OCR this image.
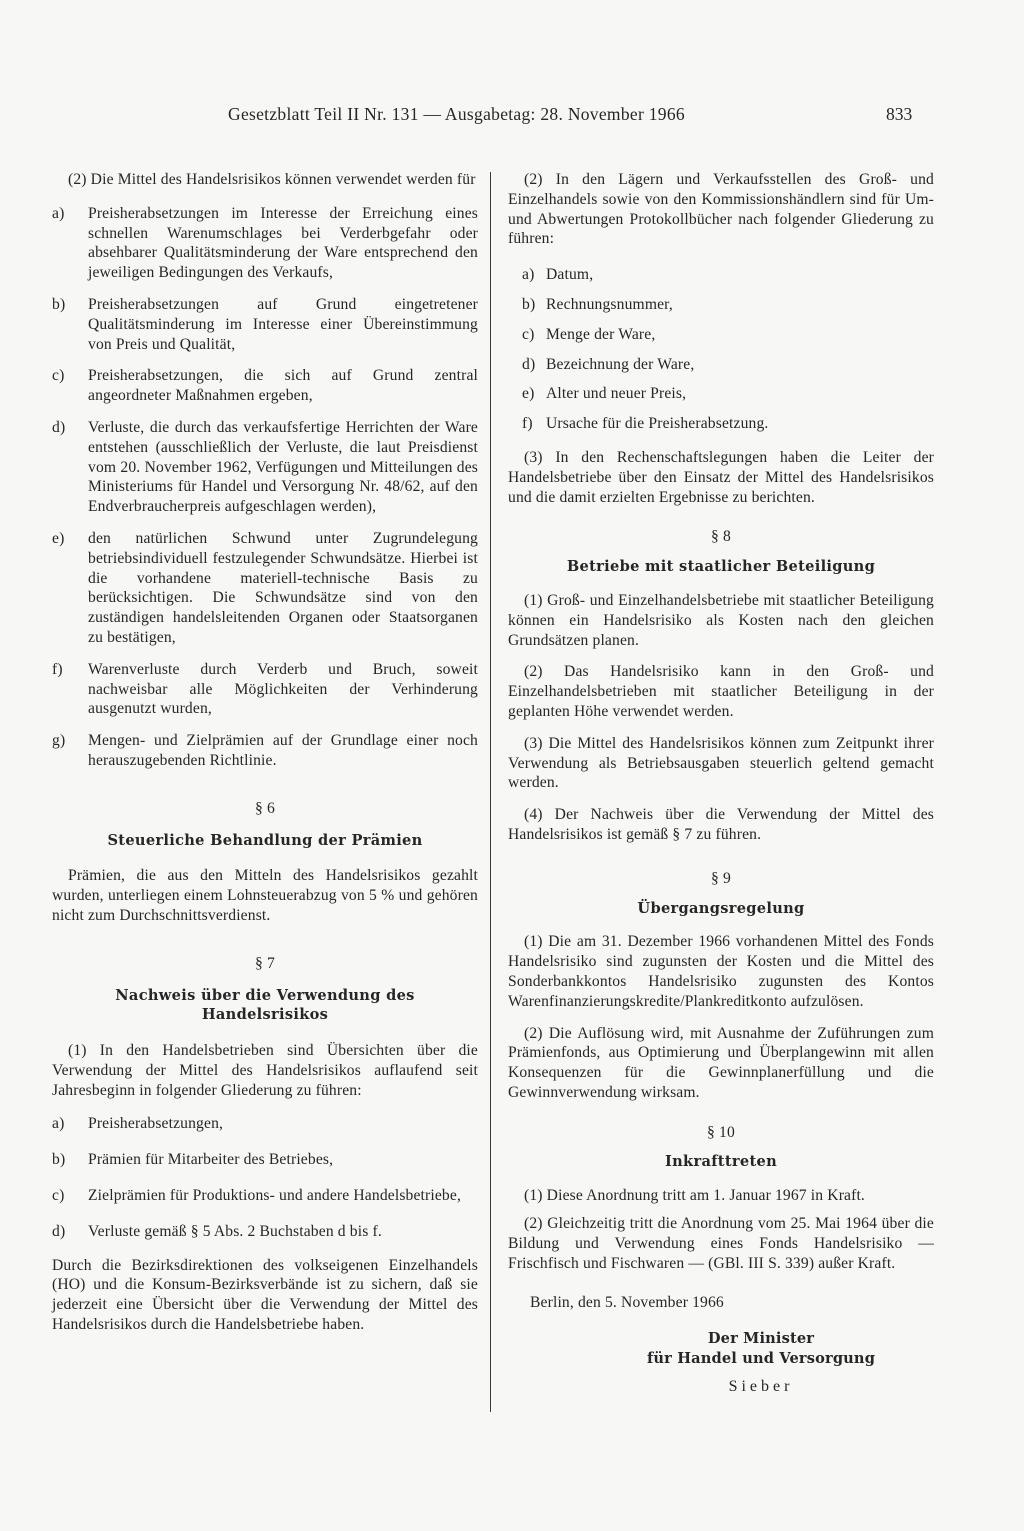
Gesetzblatt Teil II Nr. 131 — Ausgabetag: 28. November 1966	833

(2) Die Mittel des Handelsrisikos können verwendet werden für

a)	Preisherabsetzungen im Interesse der Erreichung eines schnellen Warenumschlages bei Verderbgefahr oder absehbarer Qualitätsminderung der Ware entsprechend den jeweiligen Bedingungen des Verkaufs,
b)	Preisherabsetzungen auf Grund eingetretener Qualitätsminderung im Interesse einer Übereinstimmung von Preis und Qualität,
c)	Preisherabsetzungen, die sich auf Grund zentral angeordneter Maßnahmen ergeben,
d)	Verluste, die durch das verkaufsfertige Herrichten der Ware entstehen (ausschließlich der Verluste, die laut Preisdienst vom 20. November 1962, Verfügungen und Mitteilungen des Ministeriums für Handel und Versorgung Nr. 48/62, auf den Endverbraucherpreis aufgeschlagen werden),
e)	den natürlichen Schwund unter Zugrundelegung betriebsindividuell festzulegender Schwundsätze. Hierbei ist die vorhandene materiell-technische Basis zu berücksichtigen. Die Schwundsätze sind von den zuständigen handelsleitenden Organen oder Staatsorganen zu bestätigen,
f)	Warenverluste durch Verderb und Bruch, soweit nachweisbar alle Möglichkeiten der Verhinderung ausgenutzt wurden,
g)	Mengen- und Zielprämien auf der Grundlage einer noch herauszugebenden Richtlinie.

§ 6

Steuerliche Behandlung der Prämien

Prämien, die aus den Mitteln des Handelsrisikos gezahlt wurden, unterliegen einem Lohnsteuerabzug von 5 % und gehören nicht zum Durchschnittsverdienst.

§ 7

Nachweis über die Verwendung des Handelsrisikos

(1) In den Handelsbetrieben sind Übersichten über die Verwendung der Mittel des Handelsrisikos auflaufend seit Jahresbeginn in folgender Gliederung zu führen:

a)	Preisherabsetzungen,
b)	Prämien für Mitarbeiter des Betriebes,
c)	Zielprämien für Produktions- und andere Handelsbetriebe,
d)	Verluste gemäß § 5 Abs. 2 Buchstaben d bis f.

Durch die Bezirksdirektionen des volkseigenen Einzelhandels (HO) und die Konsum-Bezirksverbände ist zu sichern, daß sie jederzeit eine Übersicht über die Verwendung der Mittel des Handelsrisikos durch die Handelsbetriebe haben.

(2) In den Lägern und Verkaufsstellen des Groß- und Einzelhandels sowie von den Kommissionshändlern sind für Um- und Abwertungen Protokollbücher nach folgender Gliederung zu führen:

a) Datum,
b) Rechnungsnummer,
c) Menge der Ware,
d) Bezeichnung der Ware,
e) Alter und neuer Preis,
f) Ursache für die Preisherabsetzung.

(3) In den Rechenschaftslegungen haben die Leiter der Handelsbetriebe über den Einsatz der Mittel des Handelsrisikos und die damit erzielten Ergebnisse zu berichten.

§ 8

Betriebe mit staatlicher Beteiligung

(1) Groß- und Einzelhandelsbetriebe mit staatlicher Beteiligung können ein Handelsrisiko als Kosten nach den gleichen Grundsätzen planen.

(2) Das Handelsrisiko kann in den Groß- und Einzelhandelsbetrieben mit staatlicher Beteiligung in der geplanten Höhe verwendet werden.

(3) Die Mittel des Handelsrisikos können zum Zeitpunkt ihrer Verwendung als Betriebsausgaben steuerlich geltend gemacht werden.

(4) Der Nachweis über die Verwendung der Mittel des Handelsrisikos ist gemäß § 7 zu führen.

§ 9

Übergangsregelung

(1) Die am 31. Dezember 1966 vorhandenen Mittel des Fonds Handelsrisiko sind zugunsten der Kosten und die Mittel des Sonderbankkontos Handelsrisiko zugunsten des Kontos Warenfinanzierungskredite/Plankreditkonto aufzulösen.

(2) Die Auflösung wird, mit Ausnahme der Zuführungen zum Prämienfonds, aus Optimierung und Überplangewinn mit allen Konsequenzen für die Gewinnplanerfüllung und die Gewinnverwendung wirksam.

§ 10

Inkrafttreten

(1) Diese Anordnung tritt am 1. Januar 1967 in Kraft.

(2) Gleichzeitig tritt die Anordnung vom 25. Mai 1964 über die Bildung und Verwendung eines Fonds Handelsrisiko — Frischfisch und Fischwaren — (GBl. III S. 339) außer Kraft.

Berlin, den 5. November 1966

Der Minister

für Handel und Versorgung

Sieber
